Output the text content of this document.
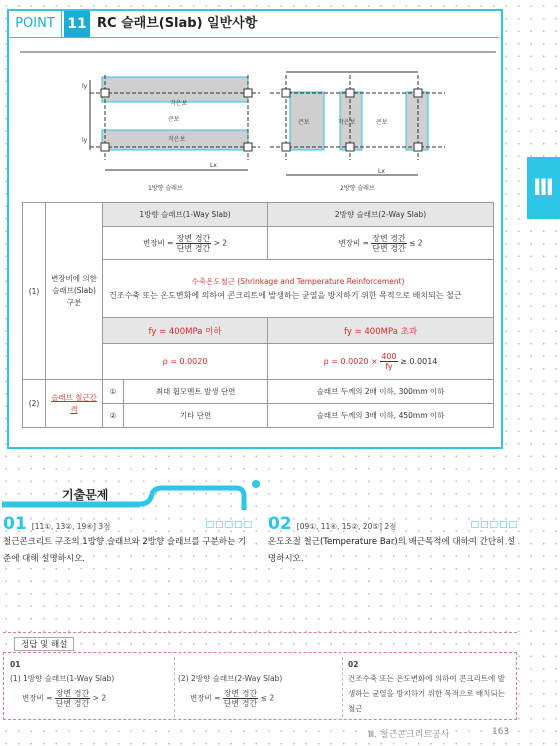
POINT 11 RC 슬래브(Slab) 일반사항
Ⅲ
작은보
큰보
작은보
Lx
ly
ly
1방향 슬래브
큰보	작은보	큰보
Lx
2방향 슬래브
(1)	변장비에 의한 슬래브(Slab) 구분	1방향 슬래브(1-Way Slab)		2방향 슬래브(2-Way Slab)
		변장비 = $\frac{\text{장변 경간}}{\text{단변 경간}} > 2$		변장비 = $\frac{\text{장변 경간}}{\text{단변 경간}} \le 2$

		수축온도철근 (Shrinkage and Temperature Reinforcement)
건조수축 또는 온도변화에 의하여 콘크리트에 발생하는 균열을 방지하기 위한 목적으로 배치되는 철근		

		fy = 400MPa 이하		fy = 400MPa 초과
		ρ = 0.0020		$\rho = 0.0020 \times \frac{400}{fy} \ge 0.0014$
(2)	슬래브 철근간격	①	최대 휨모멘트 발생 단면	슬래브 두께의 2배 이하, 300mm 이하
		②	기타 단면	슬래브 두께의 3배 이하, 450mm 이하
기출문제
01 [11①, 13②, 19④] 3점	□□□□□
철근콘크리트 구조의 1방향 슬래브와 2방향 슬래브를 구분하는 기준에 대해 설명하시오.
02 [09①, 11④, 15②, 20⑤] 2점	□□□□□
온도조절 철근(Temperature Bar)의 배근목적에 대하여 간단히 설명하시오.
정답 및 해설
01
(1) 1방향 슬래브(1-Way Slab)
변장비 = $\frac{\text{장변 경간}}{\text{단변 경간}} > 2$
(2) 2방향 슬래브(2-Way Slab)
변장비 = $\frac{\text{장변 경간}}{\text{단변 경간}} \le 2$
02
건조수축 또는 온도변화에 의하여 콘크리트에 발생하는 균열을 방지하기 위한 목적으로 배치되는 철근
Ⅲ. 철근콘크리트공사	163
